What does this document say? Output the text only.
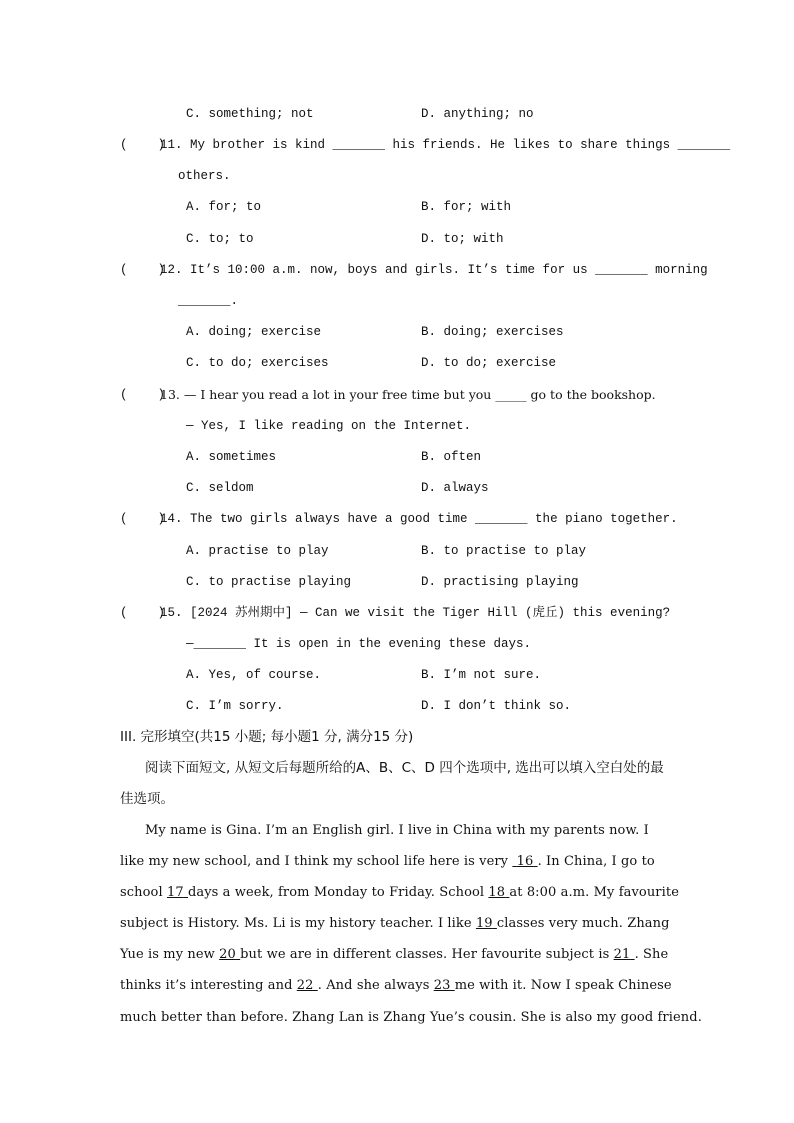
C. something; not	D. anything; no
(    )
11. My brother is kind _______ his friends. He likes to share things _______
others.
A. for; to	B. for; with
C. to; to	D. to; with
(    )
12. It’s 10:00 a.m. now, boys and girls. It’s time for us _______ morning
_______.
A. doing; exercise	B. doing; exercises
C. to do; exercises	D. to do; exercise
(    )
13. — I hear you read a lot in your free time but you _____ go to the bookshop.
— Yes, I like reading on the Internet.
A. sometimes	B. often
C. seldom	D. always
(    )
14. The two girls always have a good time _______ the piano together.
A. practise to play	B. to practise to play
C. to practise playing	D. practising playing
(    )
15. [2024 苏州期中] — Can we visit the Tiger Hill (虎丘) this evening?
—_______ It is open in the evening these days.
A. Yes, of course.	B. I’m not sure.
C. I’m sorry.	D. I don’t think so.
III. 完形填空(共15 小题; 每小题1 分, 满分15 分)
阅读下面短文, 从短文后每题所给的A、B、C、D 四个选项中, 选出可以填入空白处的最
佳选项。
My name is Gina. I’m an English girl. I live in China with my parents now. I
like my new school, and I think my school life here is very  16 . In China, I go to
school 17 days a week, from Monday to Friday. School 18 at 8:00 a.m. My favourite
subject is History. Ms. Li is my history teacher. I like 19 classes very much. Zhang
Yue is my new 20 but we are in different classes. Her favourite subject is 21 . She
thinks it’s interesting and 22 . And she always 23 me with it. Now I speak Chinese
much better than before. Zhang Lan is Zhang Yue’s cousin. She is also my good friend.
